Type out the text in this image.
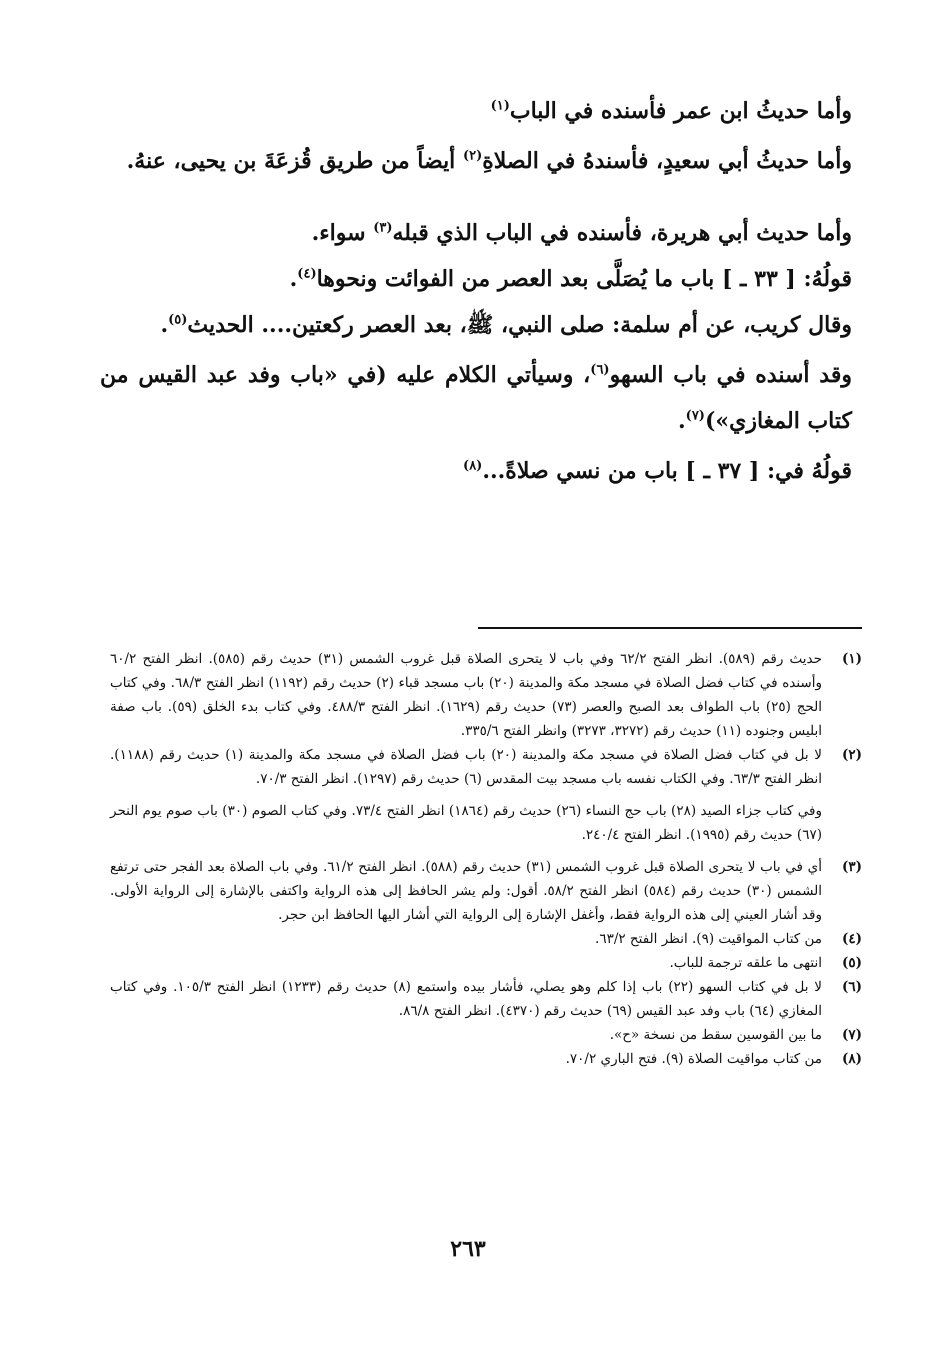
وأما حديثُ ابن عمر فأسنده في الباب$^{(١)}$

وأما حديثُ أبي سعيدٍ، فأسندهُ في الصلاةِ$^{(٢)}$ أيضاً من طريق قُزعَةَ بن يحيى، عنهُ.

وأما حديث أبي هريرة، فأسنده في الباب الذي قبله$^{(٣)}$ سواء.

قولُهُ: [ ٣٣ ـ ] باب ما يُصَلَّى بعد العصر من الفوائت ونحوها$^{(٤)}$.

وقال كريب، عن أم سلمة: صلى النبي، ﷺ، بعد العصر ركعتين.... الحديث$^{(٥)}$.

وقد أسنده في باب السهو$^{(٦)}$، وسيأتي الكلام عليه (في «باب وفد عبد القيس من كتاب المغازي»)$^{(٧)}$.

قولُهُ في: [ ٣٧ ـ ] باب من نسي صلاةً...$^{(٨)}$

(١)
حديث رقم (٥٨٩). انظر الفتح ٦٢/٢ وفي باب لا يتحرى الصلاة قبل غروب الشمس (٣١) حديث رقم (٥٨٥). انظر الفتح ٦٠/٢ وأسنده في كتاب فضل الصلاة في مسجد مكة والمدينة (٢٠) باب مسجد قباء (٢) حديث رقم (١١٩٢) انظر الفتح ٦٨/٣. وفي كتاب الحج (٢٥) باب الطواف بعد الصبح والعصر (٧٣) حديث رقم (١٦٢٩). انظر الفتح ٤٨٨/٣. وفي كتاب بدء الخلق (٥٩). باب صفة ابليس وجنوده (١١) حديث رقم (٣٢٧٢، ٣٢٧٣) وانظر الفتح ٣٣٥/٦.
(٢)
لا بل في كتاب فضل الصلاة في مسجد مكة والمدينة (٢٠) باب فضل الصلاة في مسجد مكة والمدينة (١) حديث رقم (١١٨٨). انظر الفتح ٦٣/٣. وفي الكتاب نفسه باب مسجد بيت المقدس (٦) حديث رقم (١٢٩٧). انظر الفتح ٧٠/٣.
وفي كتاب جزاء الصيد (٢٨) باب حج النساء (٢٦) حديث رقم (١٨٦٤) انظر الفتح ٧٣/٤. وفي كتاب الصوم (٣٠) باب صوم يوم النحر (٦٧) حديث رقم (١٩٩٥). انظر الفتح ٢٤٠/٤.
(٣)
أي في باب لا يتحرى الصلاة قبل غروب الشمس (٣١) حديث رقم (٥٨٨). انظر الفتح ٦١/٢. وفي باب الصلاة بعد الفجر حتى ترتفع الشمس (٣٠) حديث رقم (٥٨٤) انظر الفتح ٥٨/٢. أقول: ولم يشر الحافظ إلى هذه الرواية واكتفى بالإشارة إلى الرواية الأولى. وقد أشار العيني إلى هذه الرواية فقط، وأغفل الإشارة إلى الرواية التي أشار اليها الحافظ ابن حجر.
(٤)
من كتاب المواقيت (٩). انظر الفتح ٦٣/٢.
(٥)
انتهى ما علقه ترجمة للباب.
(٦)
لا بل في كتاب السهو (٢٢) باب إذا كلم وهو يصلي، فأشار بيده واستمع (٨) حديث رقم (١٢٣٣) انظر الفتح ١٠٥/٣. وفي كتاب المغازي (٦٤) باب وفد عبد القيس (٦٩) حديث رقم (٤٣٧٠). انظر الفتح ٨٦/٨.
(٧)
ما بين القوسين سقط من نسخة «ح».
(٨)
من كتاب مواقيت الصلاة (٩). فتح الباري ٧٠/٢.
٢٦٣
